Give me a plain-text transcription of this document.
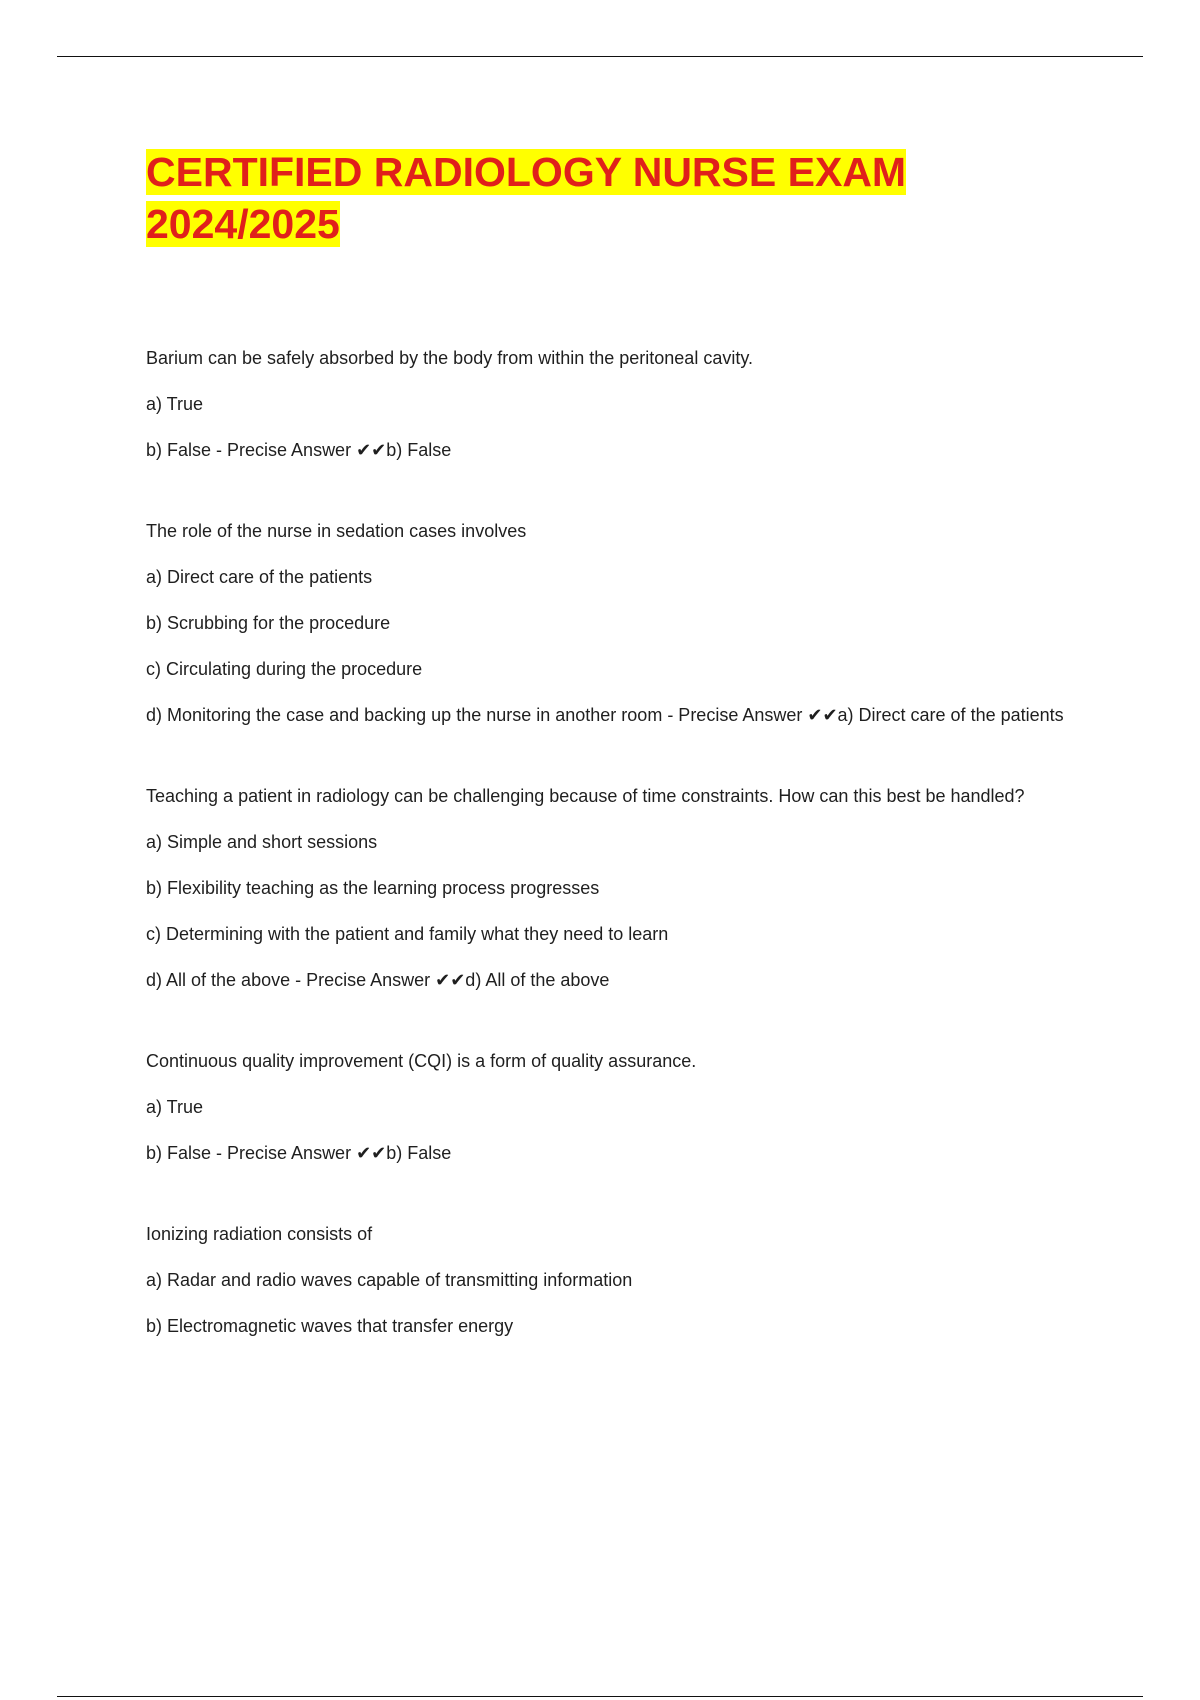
CERTIFIED RADIOLOGY NURSE EXAM 2024/2025

Barium can be safely absorbed by the body from within the peritoneal cavity.

a) True

b) False - Precise Answer ✔✔b) False

The role of the nurse in sedation cases involves

a) Direct care of the patients

b) Scrubbing for the procedure

c) Circulating during the procedure

d) Monitoring the case and backing up the nurse in another room - Precise Answer ✔✔a) Direct care of the patients

Teaching a patient in radiology can be challenging because of time constraints. How can this best be handled?

a) Simple and short sessions

b) Flexibility teaching as the learning process progresses

c) Determining with the patient and family what they need to learn

d) All of the above - Precise Answer ✔✔d) All of the above

Continuous quality improvement (CQI) is a form of quality assurance.

a) True

b) False - Precise Answer ✔✔b) False

Ionizing radiation consists of

a) Radar and radio waves capable of transmitting information

b) Electromagnetic waves that transfer energy
